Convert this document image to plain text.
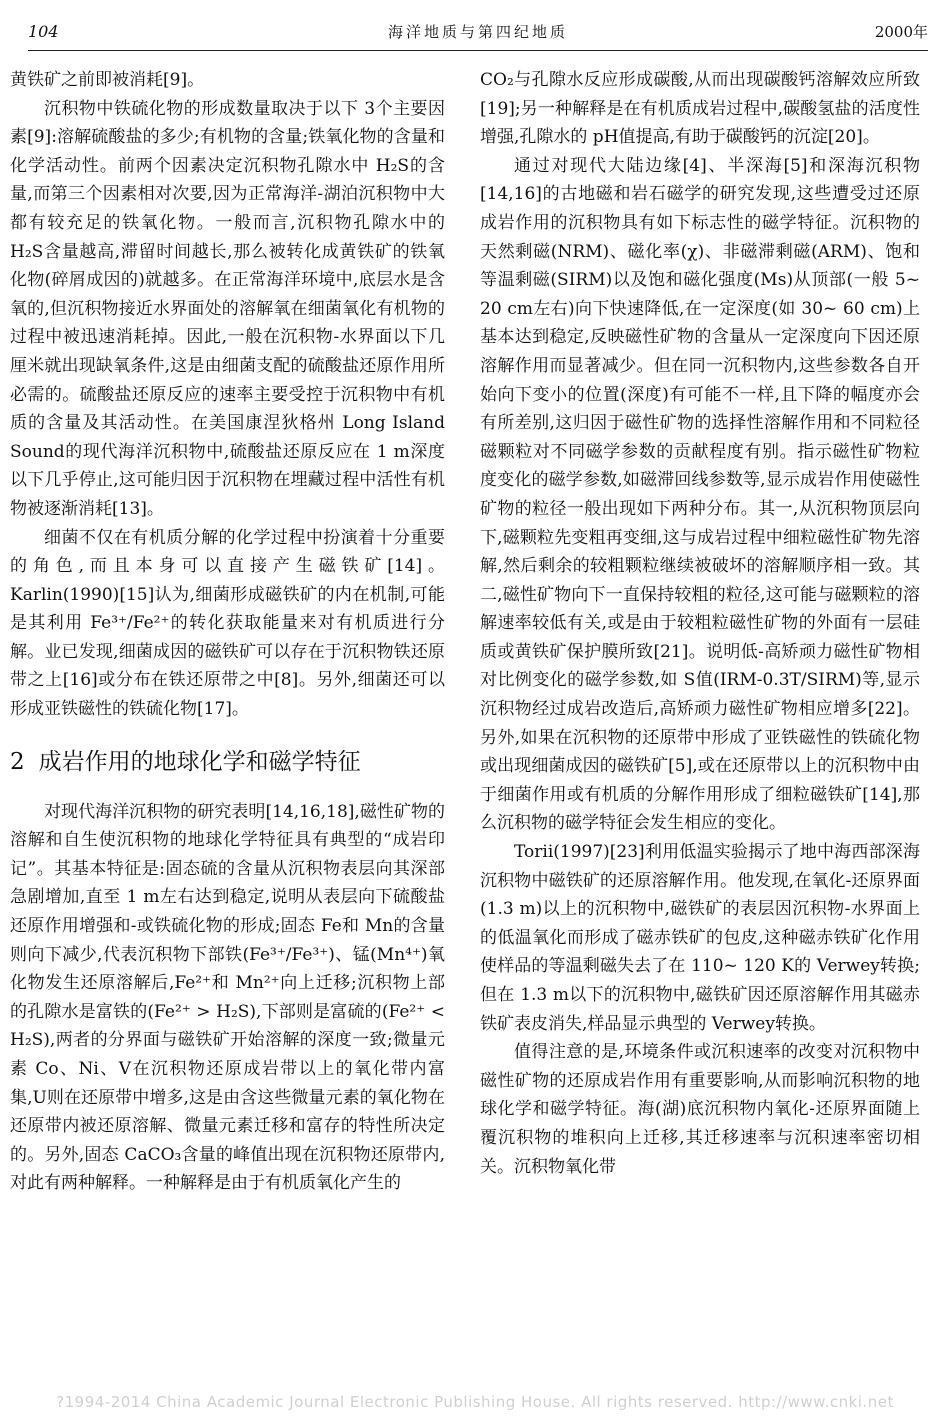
104	海洋地质与第四纪地质	2000年

黄铁矿之前即被消耗[9]。

沉积物中铁硫化物的形成数量取决于以下 3个主要因素[9]:溶解硫酸盐的多少;有机物的含量;铁氧化物的含量和化学活动性。前两个因素决定沉积物孔隙水中 H₂S的含量,而第三个因素相对次要,因为正常海洋-湖泊沉积物中大都有较充足的铁氧化物。一般而言,沉积物孔隙水中的 H₂S含量越高,滞留时间越长,那么被转化成黄铁矿的铁氧化物(碎屑成因的)就越多。在正常海洋环境中,底层水是含氧的,但沉积物接近水界面处的溶解氧在细菌氧化有机物的过程中被迅速消耗掉。因此,一般在沉积物-水界面以下几厘米就出现缺氧条件,这是由细菌支配的硫酸盐还原作用所必需的。硫酸盐还原反应的速率主要受控于沉积物中有机质的含量及其活动性。在美国康涅狄格州 Long Island Sound的现代海洋沉积物中,硫酸盐还原反应在 1 m深度以下几乎停止,这可能归因于沉积物在埋藏过程中活性有机物被逐渐消耗[13]。

细菌不仅在有机质分解的化学过程中扮演着十分重要的角色,而且本身可以直接产生磁铁矿[14]。Karlin(1990)[15]认为,细菌形成磁铁矿的内在机制,可能是其利用 Fe³⁺/Fe²⁺的转化获取能量来对有机质进行分解。业已发现,细菌成因的磁铁矿可以存在于沉积物铁还原带之上[16]或分布在铁还原带之中[8]。另外,细菌还可以形成亚铁磁性的铁硫化物[17]。

2 成岩作用的地球化学和磁学特征

对现代海洋沉积物的研究表明[14,16,18],磁性矿物的溶解和自生使沉积物的地球化学特征具有典型的“成岩印记”。其基本特征是:固态硫的含量从沉积物表层向其深部急剧增加,直至 1 m左右达到稳定,说明从表层向下硫酸盐还原作用增强和-或铁硫化物的形成;固态 Fe和 Mn的含量则向下减少,代表沉积物下部铁(Fe³⁺/Fe³⁺)、锰(Mn⁴⁺)氧化物发生还原溶解后,Fe²⁺和 Mn²⁺向上迁移;沉积物上部的孔隙水是富铁的(Fe²⁺ > H₂S),下部则是富硫的(Fe²⁺ < H₂S),两者的分界面与磁铁矿开始溶解的深度一致;微量元素 Co、Ni、V在沉积物还原成岩带以上的氧化带内富集,U则在还原带中增多,这是由含这些微量元素的氧化物在还原带内被还原溶解、微量元素迁移和富存的特性所决定的。另外,固态 CaCO₃含量的峰值出现在沉积物还原带内,对此有两种解释。一种解释是由于有机质氧化产生的

CO₂与孔隙水反应形成碳酸,从而出现碳酸钙溶解效应所致[19];另一种解释是在有机质成岩过程中,碳酸氢盐的活度性增强,孔隙水的 pH值提高,有助于碳酸钙的沉淀[20]。

通过对现代大陆边缘[4]、半深海[5]和深海沉积物[14,16]的古地磁和岩石磁学的研究发现,这些遭受过还原成岩作用的沉积物具有如下标志性的磁学特征。沉积物的天然剩磁(NRM)、磁化率(χ)、非磁滞剩磁(ARM)、饱和等温剩磁(SIRM)以及饱和磁化强度(Ms)从顶部(一般 5~ 20 cm左右)向下快速降低,在一定深度(如 30~ 60 cm)上基本达到稳定,反映磁性矿物的含量从一定深度向下因还原溶解作用而显著减少。但在同一沉积物内,这些参数各自开始向下变小的位置(深度)有可能不一样,且下降的幅度亦会有所差别,这归因于磁性矿物的选择性溶解作用和不同粒径磁颗粒对不同磁学参数的贡献程度有别。指示磁性矿物粒度变化的磁学参数,如磁滞回线参数等,显示成岩作用使磁性矿物的粒径一般出现如下两种分布。其一,从沉积物顶层向下,磁颗粒先变粗再变细,这与成岩过程中细粒磁性矿物先溶解,然后剩余的较粗颗粒继续被破坏的溶解顺序相一致。其二,磁性矿物向下一直保持较粗的粒径,这可能与磁颗粒的溶解速率较低有关,或是由于较粗粒磁性矿物的外面有一层硅质或黄铁矿保护膜所致[21]。说明低-高矫顽力磁性矿物相对比例变化的磁学参数,如 S值(IRM-0.3T/SIRM)等,显示沉积物经过成岩改造后,高矫顽力磁性矿物相应增多[22]。另外,如果在沉积物的还原带中形成了亚铁磁性的铁硫化物或出现细菌成因的磁铁矿[5],或在还原带以上的沉积物中由于细菌作用或有机质的分解作用形成了细粒磁铁矿[14],那么沉积物的磁学特征会发生相应的变化。

Torii(1997)[23]利用低温实验揭示了地中海西部深海沉积物中磁铁矿的还原溶解作用。他发现,在氧化-还原界面(1.3 m)以上的沉积物中,磁铁矿的表层因沉积物-水界面上的低温氧化而形成了磁赤铁矿的包皮,这种磁赤铁矿化作用使样品的等温剩磁失去了在 110~ 120 K的 Verwey转换;但在 1.3 m以下的沉积物中,磁铁矿因还原溶解作用其磁赤铁矿表皮消失,样品显示典型的 Verwey转换。

值得注意的是,环境条件或沉积速率的改变对沉积物中磁性矿物的还原成岩作用有重要影响,从而影响沉积物的地球化学和磁学特征。海(湖)底沉积物内氧化-还原界面随上覆沉积物的堆积向上迁移,其迁移速率与沉积速率密切相关。沉积物氧化带

?1994-2014 China Academic Journal Electronic Publishing House. All rights reserved. http://www.cnki.net
